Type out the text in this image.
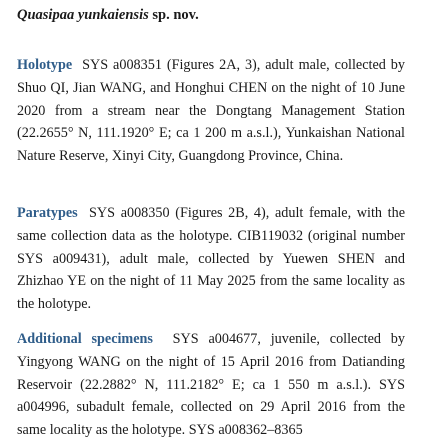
Quasipaa yunkaiensis sp. nov.

Holotype SYS a008351 (Figures 2A, 3), adult male, collected by Shuo QI, Jian WANG, and Honghui CHEN on the night of 10 June 2020 from a stream near the Dongtang Management Station (22.2655° N, 111.1920° E; ca 1 200 m a.s.l.), Yunkaishan National Nature Reserve, Xinyi City, Guangdong Province, China.

Paratypes SYS a008350 (Figures 2B, 4), adult female, with the same collection data as the holotype. CIB119032 (original number SYS a009431), adult male, collected by Yuewen SHEN and Zhizhao YE on the night of 11 May 2025 from the same locality as the holotype.

Additional specimens SYS a004677, juvenile, collected by Yingyong WANG on the night of 15 April 2016 from Datianding Reservoir (22.2882° N, 111.2182° E; ca 1 550 m a.s.l.). SYS a004996, subadult female, collected on 29 April 2016 from the same locality as the holotype. SYS a008362–8365
